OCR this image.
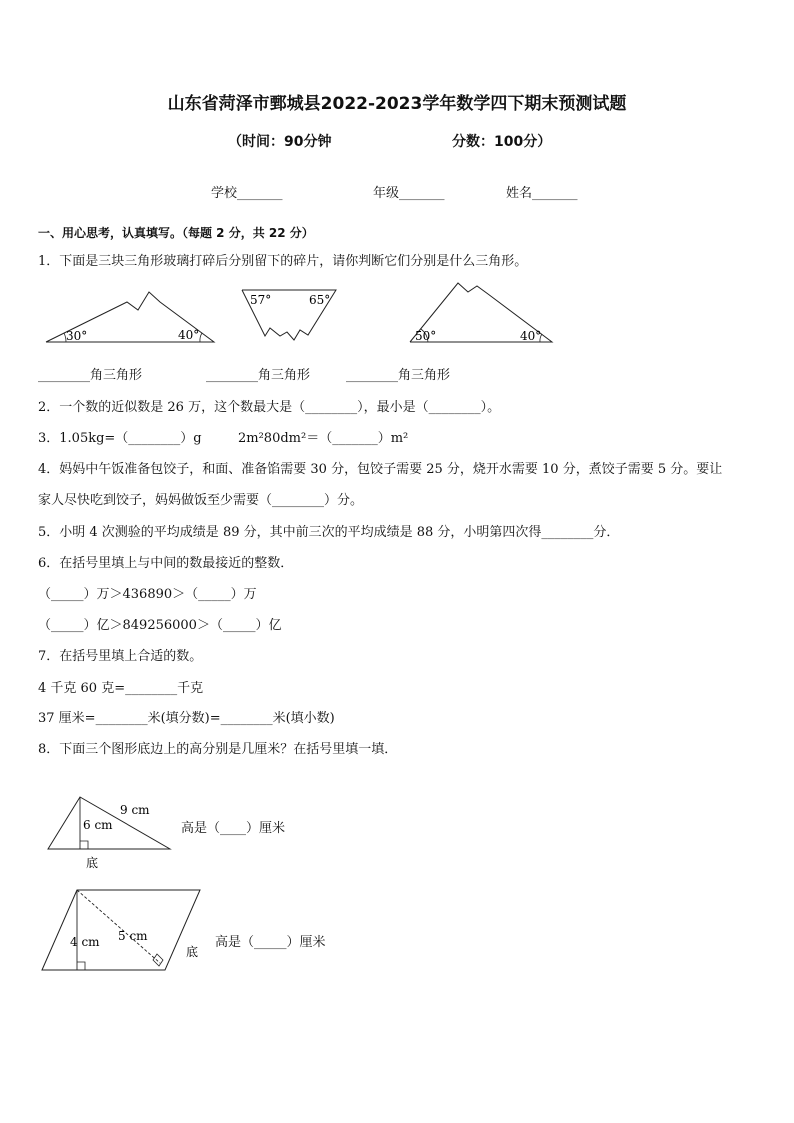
山东省菏泽市鄄城县2022-2023学年数学四下期末预测试题
（时间：90分钟	分数：100分）
学校_______	年级_______	姓名_______
一、用心思考，认真填写。（每题 2 分，共 22 分）
1．下面是三块三角形玻璃打碎后分别留下的碎片，请你判断它们分别是什么三角形。
30°	40°
57°	65°
50°	40°
________角三角形	________角三角形	________角三角形
2．一个数的近似数是 26 万，这个数最大是（________），最小是（________）。
3．1.05kg=（________）g	2m²80dm²＝（_______）m²
4．妈妈中午饭准备包饺子，和面、准备馅需要 30 分，包饺子需要 25 分，烧开水需要 10 分，煮饺子需要 5 分。要让
家人尽快吃到饺子，妈妈做饭至少需要（________）分。
5．小明 4 次测验的平均成绩是 89 分，其中前三次的平均成绩是 88 分，小明第四次得________分．
6．在括号里填上与中间的数最接近的整数．
（_____）万＞436890＞（_____）万
（_____）亿＞849256000＞（_____）亿
7．在括号里填上合适的数。
4 千克 60 克=________千克
37 厘米=________米(填分数)=________米(填小数)
8．下面三个图形底边上的高分别是几厘米？在括号里填一填．
9 cm
6 cm
底
高是（____）厘米
5 cm
4 cm
底
高是（_____）厘米
